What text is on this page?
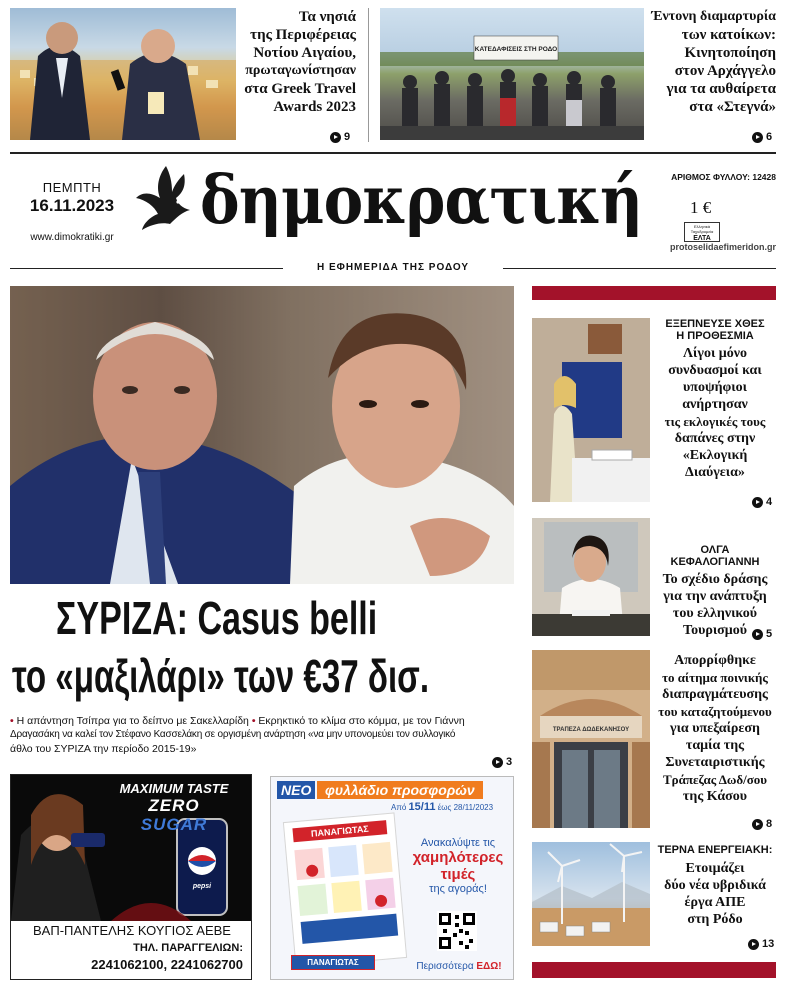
Τα νησιά
της Περιφέρειας
Νοτίου Αιγαίου,
πρωταγωνίστησαν
στα Greek Travel
Awards 2023
9
ΚΑΤΕΔΑΦΙΣΕΙΣ ΣΤΗ ΡΟΔΟ
Έντονη διαμαρτυρία
των κατοίκων:
Κινητοποίηση
στον Αρχάγγελο
για τα αυθαίρετα
στα «Στεγνά»
6
ΠΕΜΠΤΗ
16.11.2023
www.dimokratiki.gr	δημοκρατική	ΑΡΙΘΜΟΣ ΦΥΛΛΟΥ: 12428
1 €
Ελληνικά Ταχυδρομεία
ΕΛΤΑ
protoselidaefimeridon.gr
Η ΕΦΗΜΕΡΙΔΑ ΤΗΣ ΡΟΔΟΥ
ΣΥΡΙΖΑ: Casus belli
το «μαξιλάρι» των €37 δισ.
• Η απάντηση Τσίπρα για το δείπνο με Σακελλαρίδη • Εκρηκτικό το κλίμα στο κόμμα, με τον Γιάννη
Δραγασάκη να καλεί τον Στέφανο Κασσελάκη σε οργισμένη ανάρτηση «να μην υπονομεύει τον συλλογικό
άθλο του ΣΥΡΙΖΑ την περίοδο 2015-19»
3
MAXIMUM TASTE
ZERO
SUGAR
pepsi
ΒΑΠ-ΠΑΝΤΕΛΗΣ ΚΟΥΓΙΟΣ ΑΕΒΕ
ΤΗΛ. ΠΑΡΑΓΓΕΛΙΩΝ:
2241062100, 2241062700
ΝΕΟ φυλλάδιο προσφορών
Από 15/11 έως 28/11/2023
ΠΑΝΑΓΙΩΤΑΣ
Ανακαλύψτε τις
χαμηλότερες
τιμές
της αγοράς!
ΠΑΝΑΓΙΩΤΑΣ	Περισσότερα ΕΔΩ!
ΕΞΕΠΝΕΥΣΕ ΧΘΕΣ
Η ΠΡΟΘΕΣΜΙΑ
Λίγοι μόνο
συνδυασμοί και
υποψήφιοι
ανήρτησαν
τις εκλογικές τους
δαπάνες στην
«Εκλογική
Διαύγεια»
4
ΟΛΓΑ
ΚΕΦΑΛΟΓΙΑΝΝΗ
Το σχέδιο δράσης
για την ανάπτυξη
του ελληνικού
Τουρισμού	5
ΤΡΑΠΕΖΑ ΔΩΔΕΚΑΝΗΣΟΥ
Απορρίφθηκε
το αίτημα ποινικής
διαπραγμάτευσης
του καταζητούμενου
για υπεξαίρεση
ταμία της
Συνεταιριστικής
Τράπεζας Δωδ/σου
της Κάσου
8
ΤΕΡΝΑ ΕΝΕΡΓΕΙΑΚΗ:
Ετοιμάζει
δύο νέα υβριδικά
έργα ΑΠΕ
στη Ρόδο
13
